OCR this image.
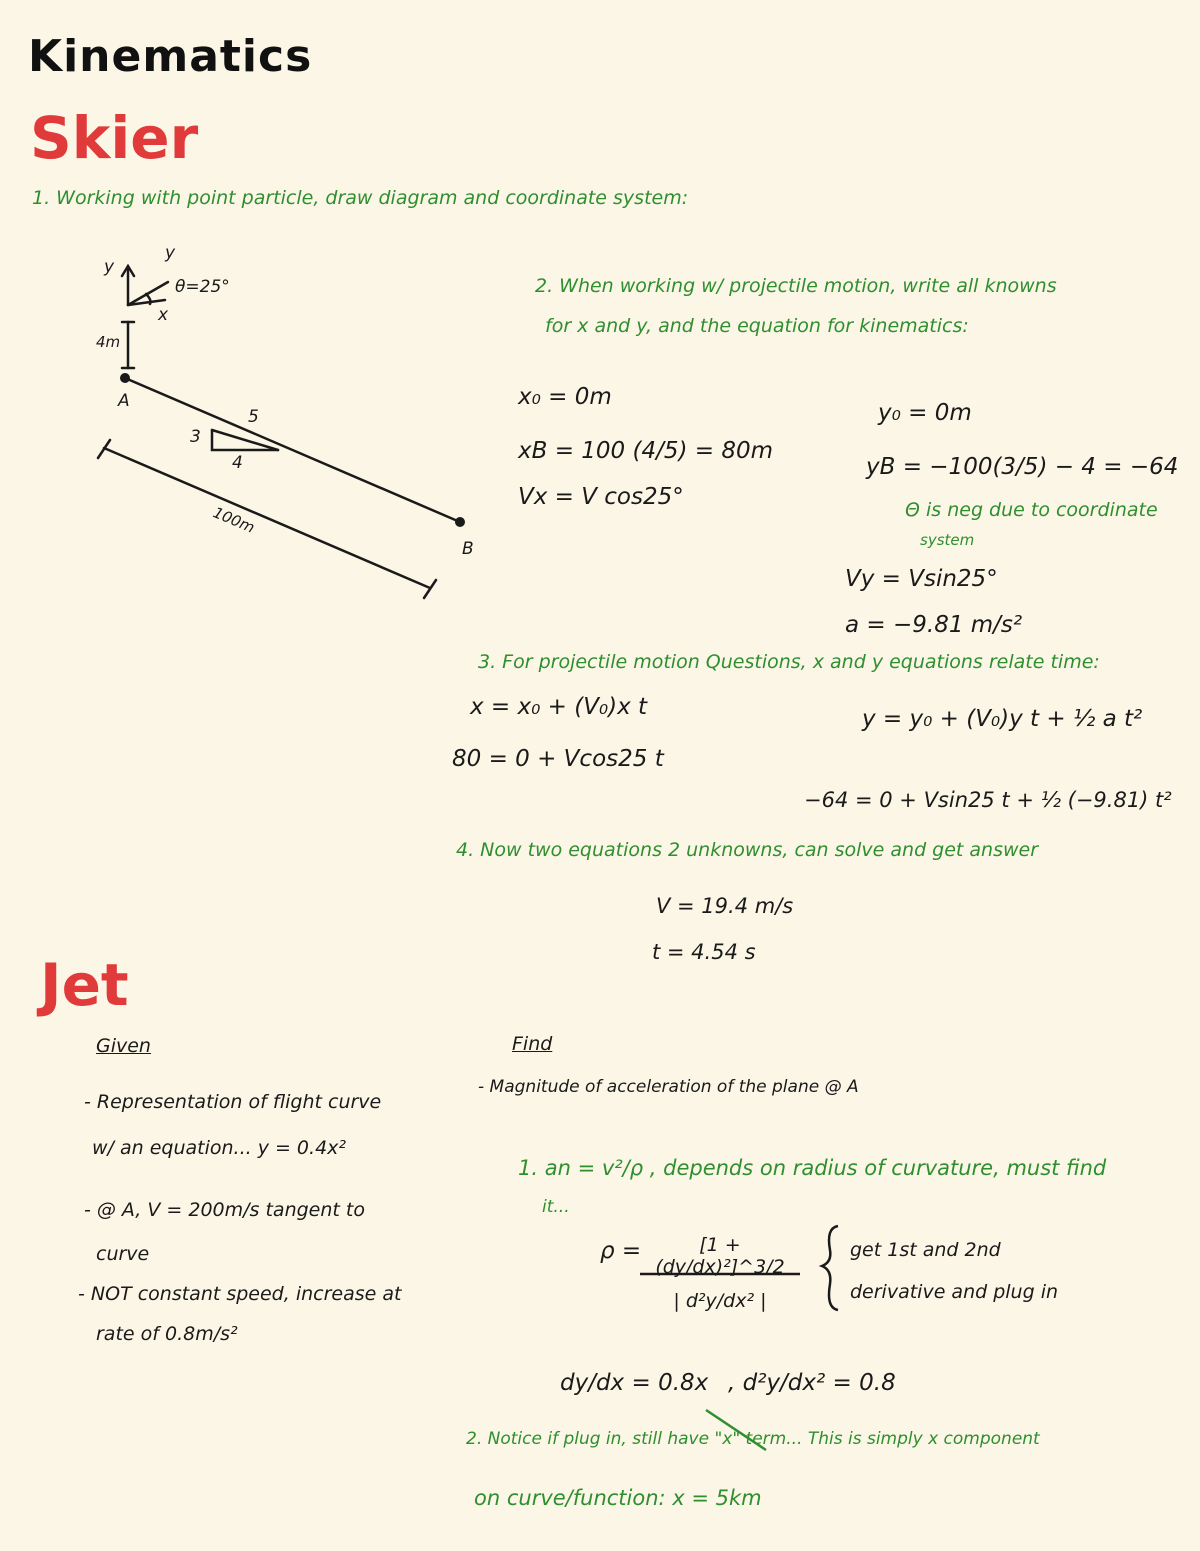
Kinematics
Skier
1. Working with point particle, draw diagram and coordinate system:
y
y
x
θ=25°
4m
A
B
5
3
4
100m
2. When working w/ projectile motion, write all knowns
for x and y, and the equation for kinematics:
x₀ = 0m
xB = 100 (4/5) = 80m
Vx = V cos25°
y₀ = 0m
yB = −100(3/5) − 4 = −64
Θ is neg due to coordinate
system
Vy = Vsin25°
a = −9.81 m/s²
3. For projectile motion Questions, x and y equations relate time:
x = x₀ + (V₀)x t
80 = 0 + Vcos25 t
y = y₀ + (V₀)y t + ½ a t²
−64 = 0 + Vsin25 t + ½ (−9.81) t²
4. Now two equations 2 unknowns, can solve and get answer
V = 19.4 m/s
t = 4.54 s
Jet
Given
- Representation of flight curve
w/ an equation... y = 0.4x²
- @ A, V = 200m/s tangent to
curve
- NOT constant speed, increase at
rate of 0.8m/s²
Find
- Magnitude of acceleration of the plane @ A
1. an = v²/ρ , depends on radius of curvature, must find
it...
ρ =	[1 + (dy/dx)²]^3/2
| d²y/dx² |
get 1st and 2nd
derivative and plug in
dy/dx = 0.8x , d²y/dx² = 0.8
2. Notice if plug in, still have "x" term... This is simply x component
on curve/function: x = 5km
